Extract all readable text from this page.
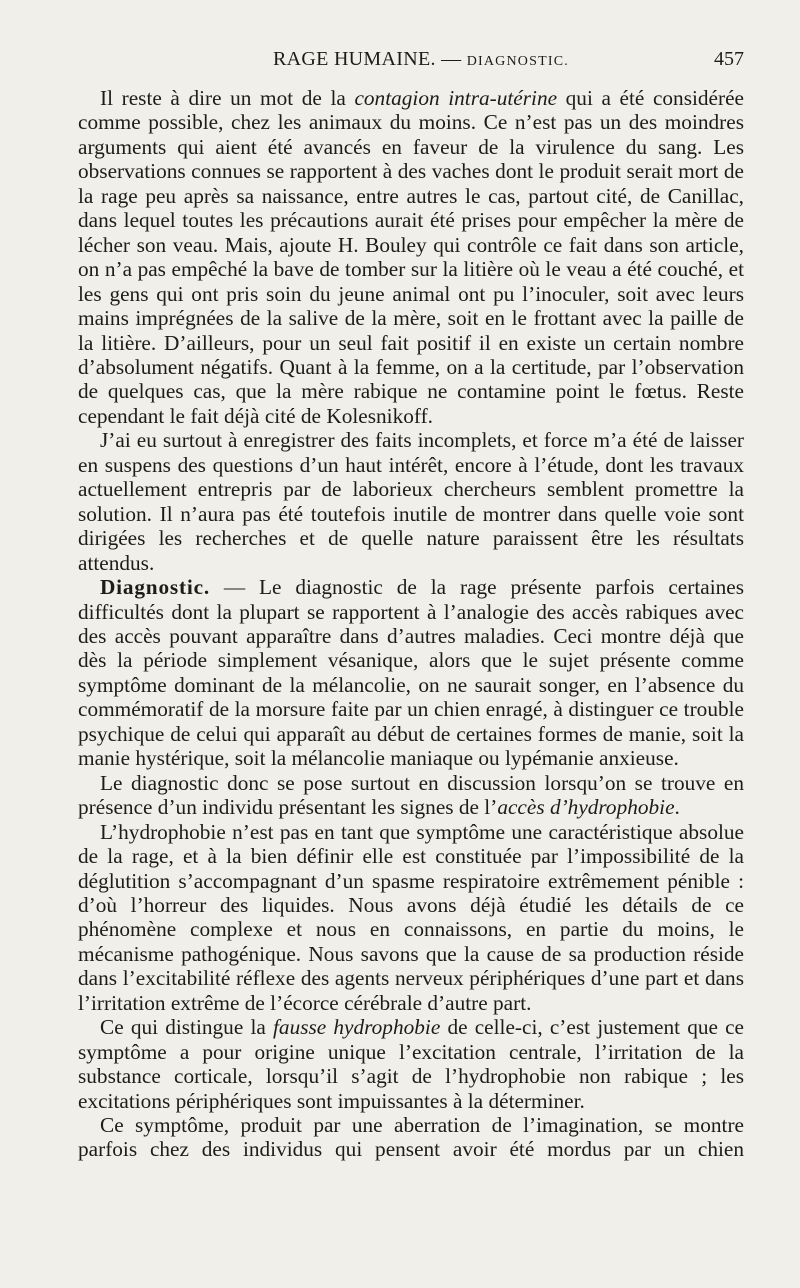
RAGE HUMAINE. — DIAGNOSTIC.	457

Il reste à dire un mot de la contagion intra-utérine qui a été considérée comme possible, chez les animaux du moins. Ce n’est pas un des moindres arguments qui aient été avancés en faveur de la virulence du sang. Les observations connues se rapportent à des vaches dont le produit serait mort de la rage peu après sa naissance, entre autres le cas, partout cité, de Canillac, dans lequel toutes les précautions aurait été prises pour empêcher la mère de lécher son veau. Mais, ajoute H. Bouley qui contrôle ce fait dans son article, on n’a pas empêché la bave de tomber sur la litière où le veau a été couché, et les gens qui ont pris soin du jeune animal ont pu l’inoculer, soit avec leurs mains imprégnées de la salive de la mère, soit en le frottant avec la paille de la litière. D’ailleurs, pour un seul fait positif il en existe un certain nombre d’absolument négatifs. Quant à la femme, on a la certitude, par l’observation de quelques cas, que la mère rabique ne contamine point le fœtus. Reste cependant le fait déjà cité de Kolesnikoff.

J’ai eu surtout à enregistrer des faits incomplets, et force m’a été de laisser en suspens des questions d’un haut intérêt, encore à l’étude, dont les travaux actuellement entrepris par de laborieux chercheurs semblent promettre la solution. Il n’aura pas été toutefois inutile de montrer dans quelle voie sont dirigées les recherches et de quelle nature paraissent être les résultats attendus.

Diagnostic. — Le diagnostic de la rage présente parfois certaines difficultés dont la plupart se rapportent à l’analogie des accès rabiques avec des accès pouvant apparaître dans d’autres maladies. Ceci montre déjà que dès la période simplement vésanique, alors que le sujet présente comme symptôme dominant de la mélancolie, on ne saurait songer, en l’absence du commémoratif de la morsure faite par un chien enragé, à distinguer ce trouble psychique de celui qui apparaît au début de certaines formes de manie, soit la manie hystérique, soit la mélancolie maniaque ou lypémanie anxieuse.

Le diagnostic donc se pose surtout en discussion lorsqu’on se trouve en présence d’un individu présentant les signes de l’accès d’hydrophobie.

L’hydrophobie n’est pas en tant que symptôme une caractéristique absolue de la rage, et à la bien définir elle est constituée par l’impossibilité de la déglutition s’accompagnant d’un spasme respiratoire extrêmement pénible : d’où l’horreur des liquides. Nous avons déjà étudié les détails de ce phénomène complexe et nous en connaissons, en partie du moins, le mécanisme pathogénique. Nous savons que la cause de sa production réside dans l’excitabilité réflexe des agents nerveux périphériques d’une part et dans l’irritation extrême de l’écorce cérébrale d’autre part.

Ce qui distingue la fausse hydrophobie de celle-ci, c’est justement que ce symptôme a pour origine unique l’excitation centrale, l’irritation de la substance corticale, lorsqu’il s’agit de l’hydrophobie non rabique ; les excitations périphériques sont impuissantes à la déterminer.

Ce symptôme, produit par une aberration de l’imagination, se montre parfois chez des individus qui pensent avoir été mordus par un chien
